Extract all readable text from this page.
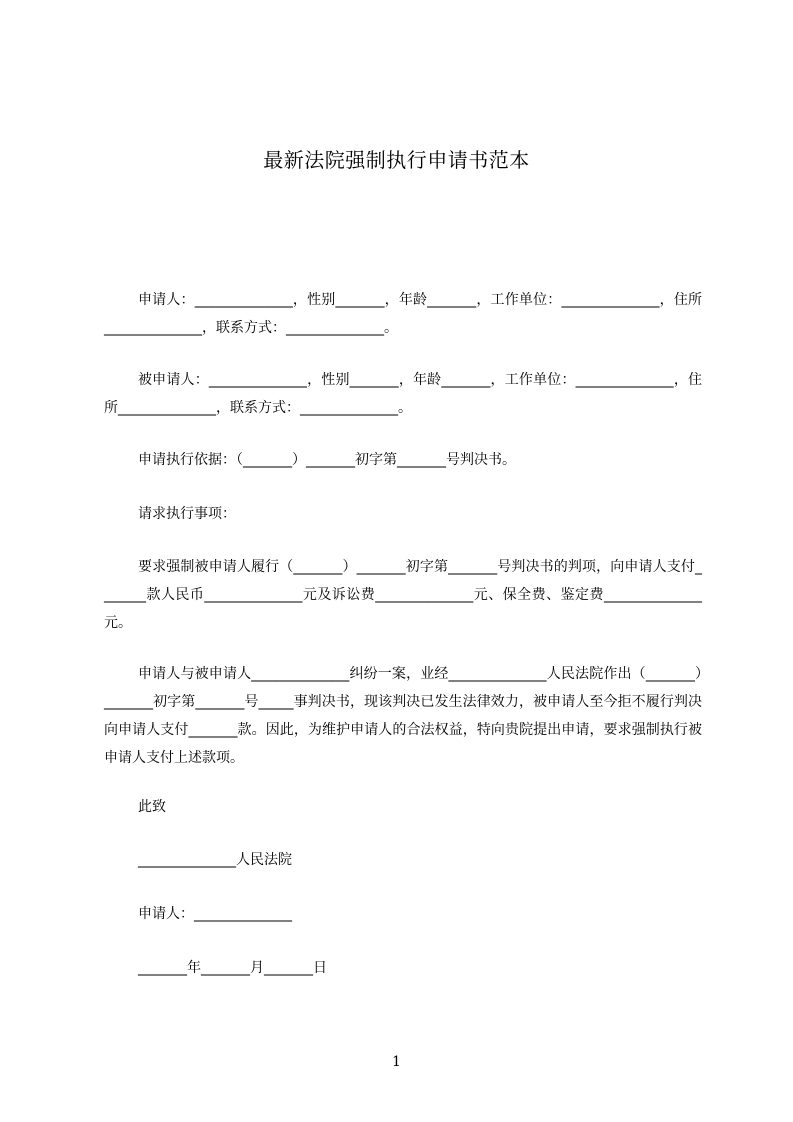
最新法院强制执行申请书范本
申请人：______________，性别_______，年龄_______，工作单位：______________，住所______________，联系方式：______________。
被申请人：______________，性别_______，年龄_______，工作单位：______________，住所______________，联系方式：______________。
申请执行依据：（_______）_______初字第_______号判决书。
请求执行事项：
要求强制被申请人履行（_______）_______初字第_______号判决书的判项，向申请人支付_______款人民币______________元及诉讼费______________元、保全费、鉴定费______________元。
申请人与被申请人______________纠纷一案，业经______________人民法院作出（_______）_______初字第_______号_____事判决书，现该判决已发生法律效力，被申请人至今拒不履行判决向申请人支付_______款。因此，为维护申请人的合法权益，特向贵院提出申请，要求强制执行被申请人支付上述款项。
此致
______________人民法院
申请人：______________
_______年_______月_______日
1
